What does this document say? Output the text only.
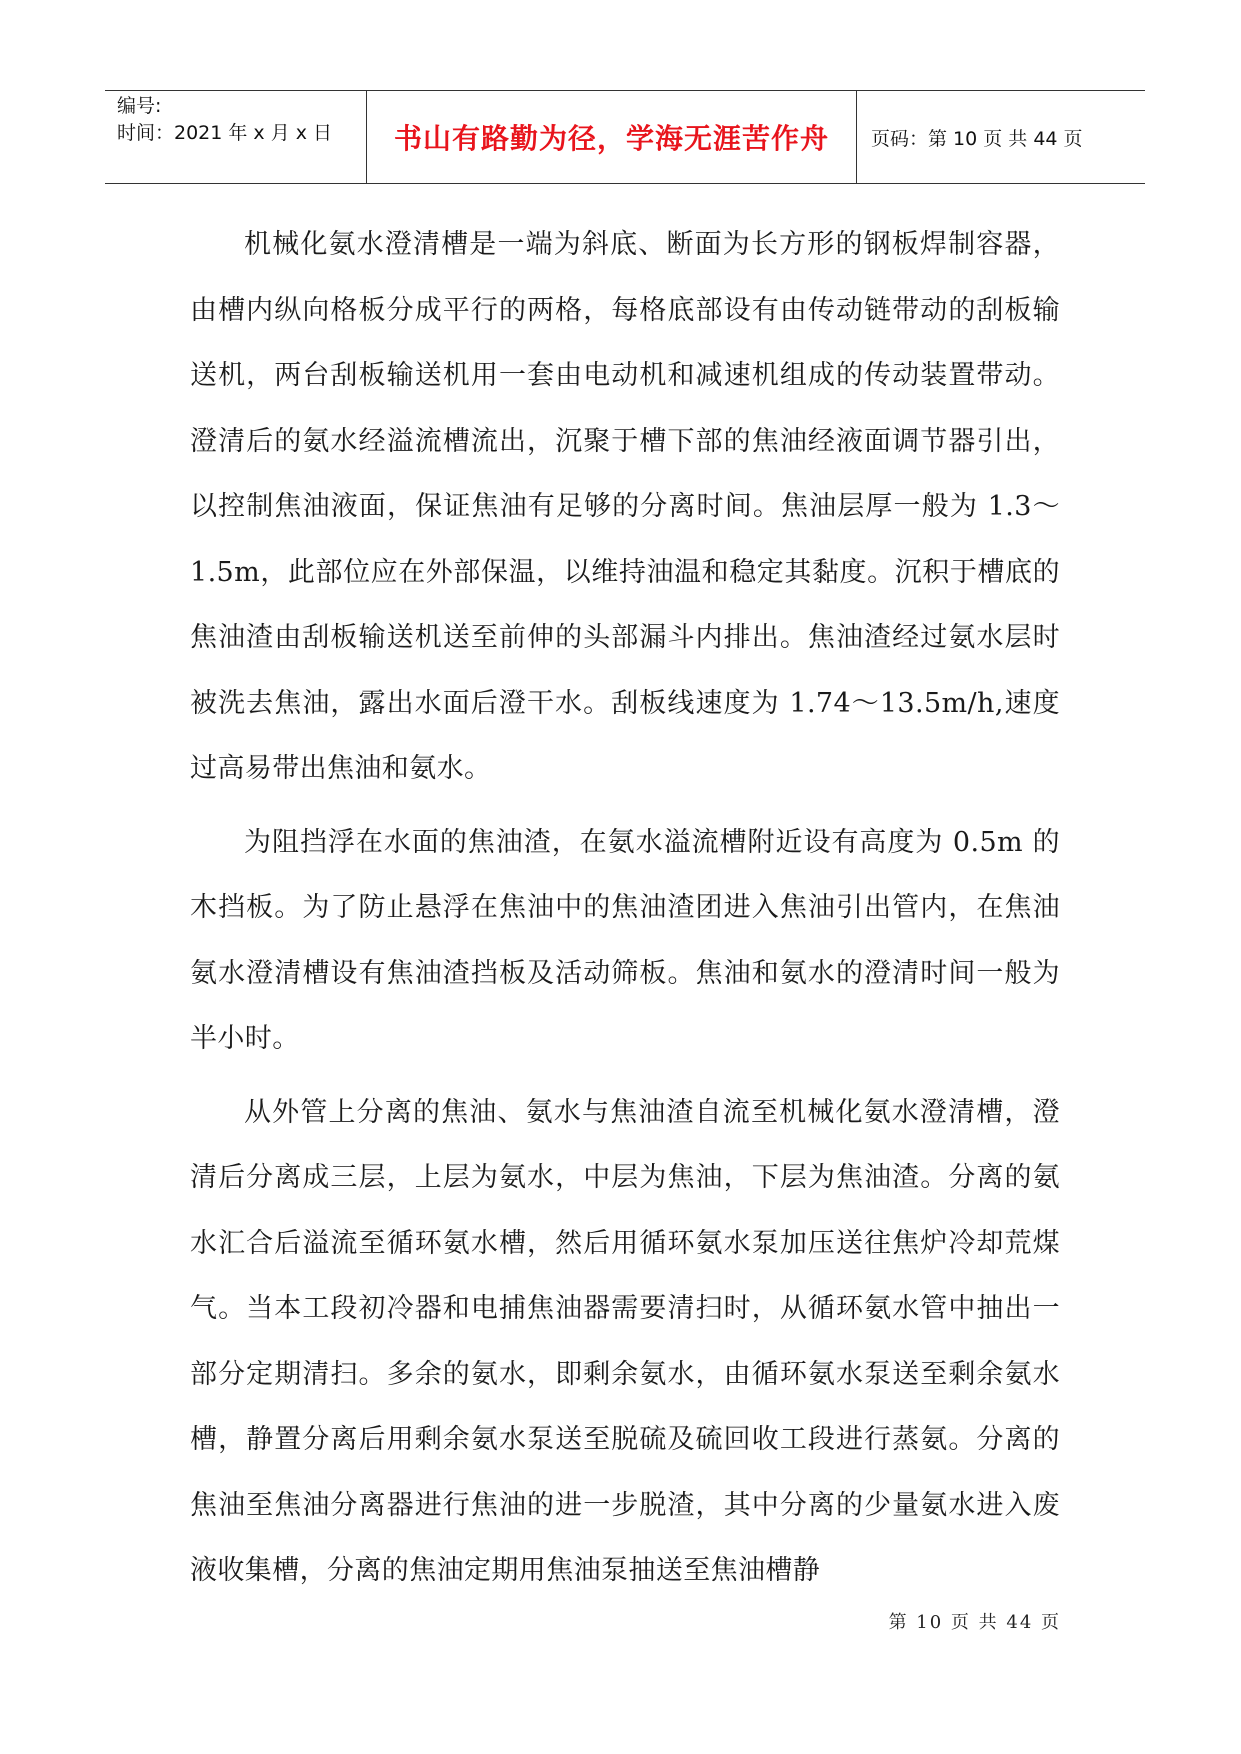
编号:
时间：2021 年 x 月 x 日	书山有路勤为径，学海无涯苦作舟	页码：第 10 页 共 44 页

机械化氨水澄清槽是一端为斜底、断面为长方形的钢板焊制容器，由槽内纵向格板分成平行的两格，每格底部设有由传动链带动的刮板输送机，两台刮板输送机用一套由电动机和减速机组成的传动装置带动。澄清后的氨水经溢流槽流出，沉聚于槽下部的焦油经液面调节器引出，以控制焦油液面，保证焦油有足够的分离时间。焦油层厚一般为 1.3～1.5m，此部位应在外部保温，以维持油温和稳定其黏度。沉积于槽底的焦油渣由刮板输送机送至前伸的头部漏斗内排出。焦油渣经过氨水层时被洗去焦油，露出水面后澄干水。刮板线速度为 1.74～13.5m/h,速度过高易带出焦油和氨水。

为阻挡浮在水面的焦油渣，在氨水溢流槽附近设有高度为 0.5m 的木挡板。为了防止悬浮在焦油中的焦油渣团进入焦油引出管内，在焦油氨水澄清槽设有焦油渣挡板及活动筛板。焦油和氨水的澄清时间一般为半小时。

从外管上分离的焦油、氨水与焦油渣自流至机械化氨水澄清槽，澄清后分离成三层，上层为氨水，中层为焦油，下层为焦油渣。分离的氨水汇合后溢流至循环氨水槽，然后用循环氨水泵加压送往焦炉冷却荒煤气。当本工段初冷器和电捕焦油器需要清扫时，从循环氨水管中抽出一部分定期清扫。多余的氨水，即剩余氨水，由循环氨水泵送至剩余氨水槽，静置分离后用剩余氨水泵送至脱硫及硫回收工段进行蒸氨。分离的焦油至焦油分离器进行焦油的进一步脱渣，其中分离的少量氨水进入废液收集槽，分离的焦油定期用焦油泵抽送至焦油槽静

第 10 页 共 44 页
